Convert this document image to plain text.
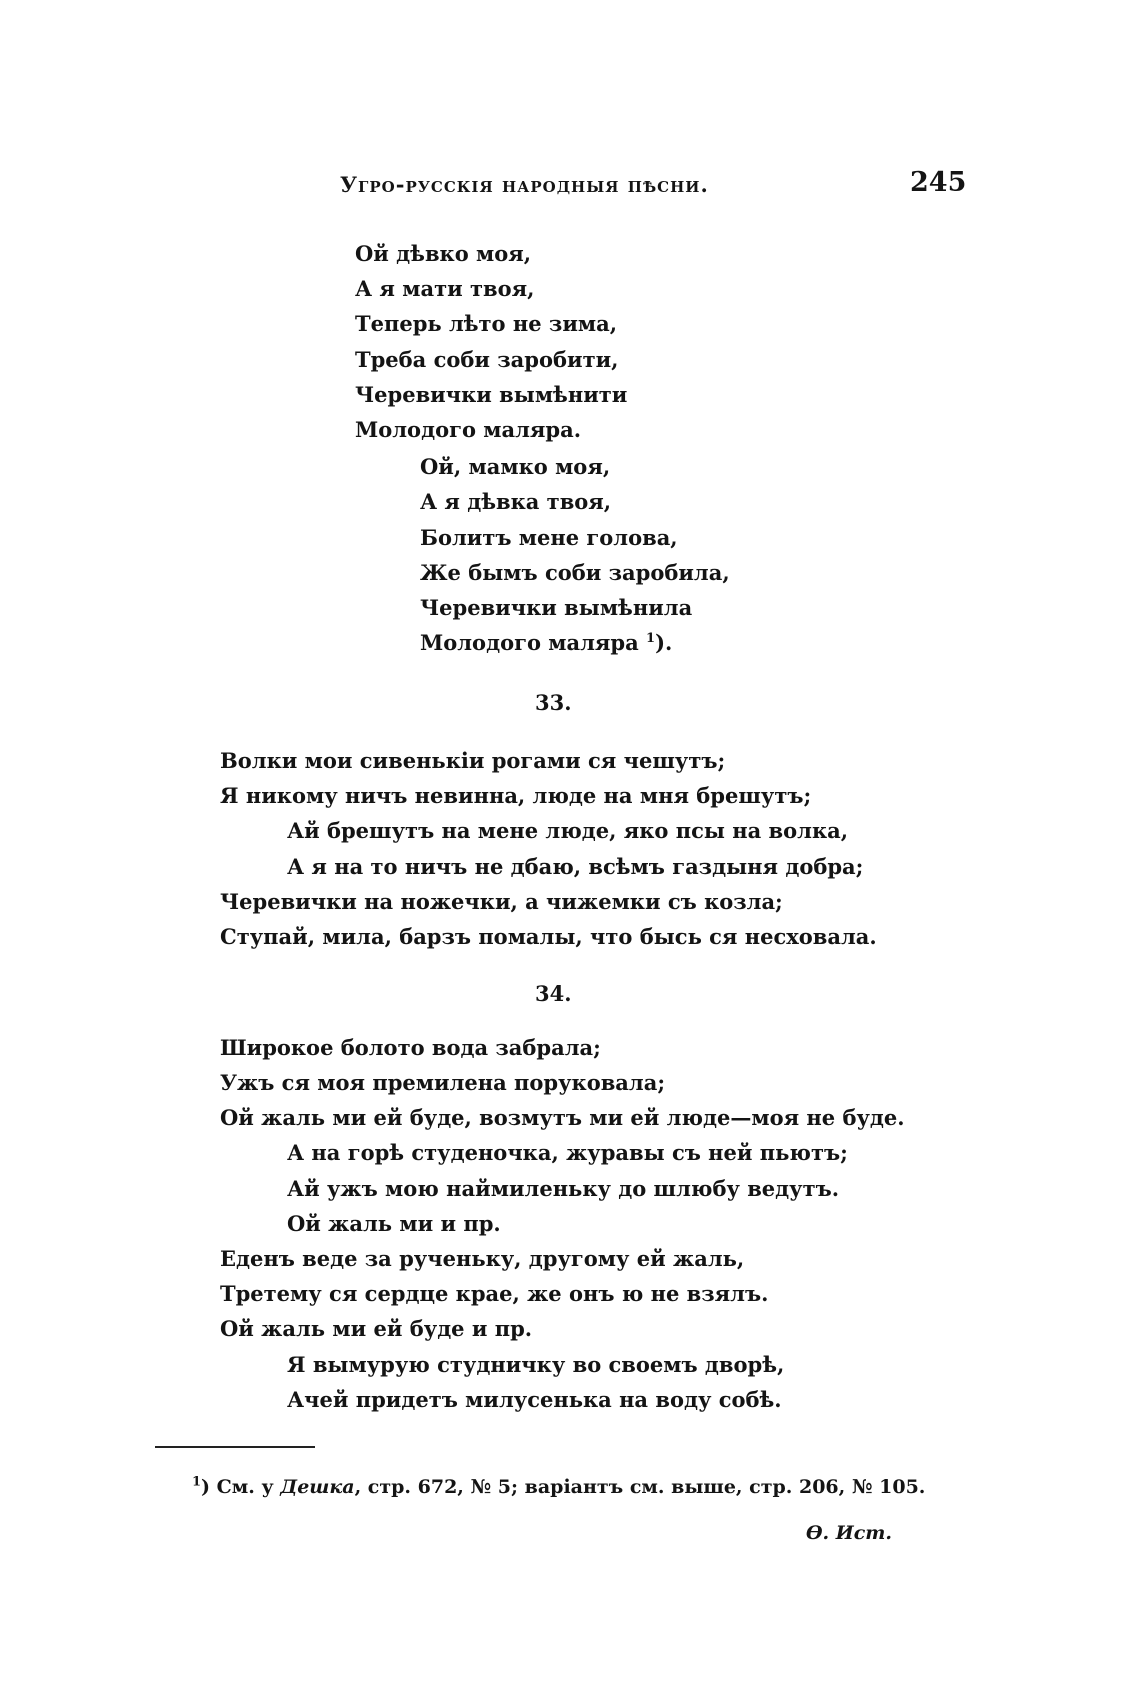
Угро-русскія народныя пѣсни.	245
Ой дѣвко моя,
А я мати твоя,
Теперь лѣто не зима,
Треба соби заробити,
Черевички вымѣнити
Молодого маляра.
Ой, мамко моя,
А я дѣвка твоя,
Болитъ мене голова,
Же бымъ соби заробила,
Черевички вымѣнила
Молодого маляра $^1$).
33.
Волки мои сивенькіи рогами ся чешутъ;
Я никому ничъ невинна, люде на мня брешутъ;
Ай брешутъ на мене люде, яко псы на волка,
А я на то ничъ не дбаю, всѣмъ газдыня добра;
Черевички на ножечки, а чижемки съ козла;
Ступай, мила, барзъ помалы, что бысь ся несховала.
34.
Широкое болото вода забрала;
Ужъ ся моя премилена поруковала;
Ой жаль ми ей буде, возмутъ ми ей люде—моя не буде.
А на горѣ студеночка, журавы съ ней пьютъ;
Ай ужъ мою наймиленьку до шлюбу ведутъ.
Ой жаль ми и пр.
Еденъ веде за рученьку, другому ей жаль,
Третему ся сердце крае, же онъ ю не взялъ.
Ой жаль ми ей буде и пр.
Я вымурую студничку во своемъ дворѣ,
Ачей придетъ милусенька на воду собѣ.
$^1$) См. у Дешка, стр. 672, № 5; варіантъ см. выше, стр. 206, № 105.
Ө. Ист.
